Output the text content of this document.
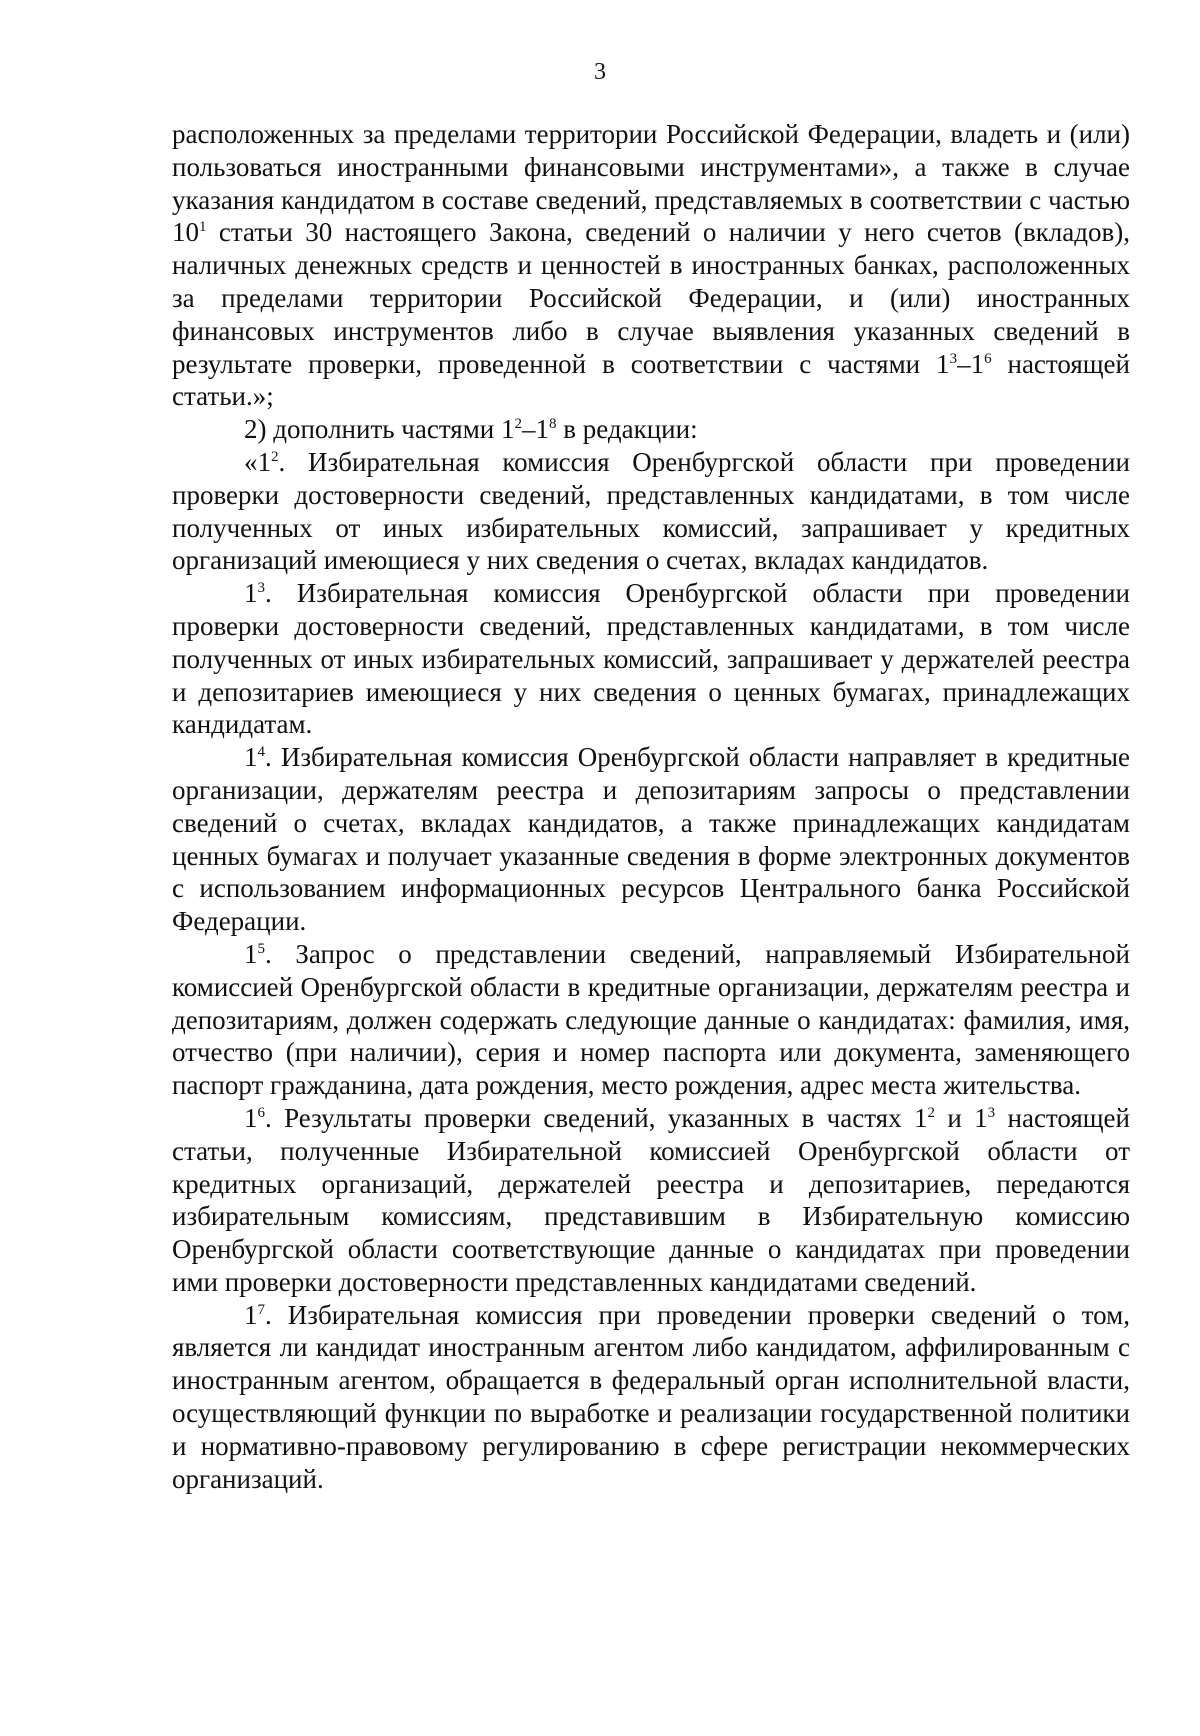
3

расположенных за пределами территории Российской Федерации, владеть и (или) пользоваться иностранными финансовыми инструментами», а также в случае указания кандидатом в составе сведений, представляемых в соответствии с частью $10^1$ статьи 30 настоящего Закона, сведений о наличии у него счетов (вкладов), наличных денежных средств и ценностей в иностранных банках, расположенных за пределами территории Российской Федерации, и (или) иностранных финансовых инструментов либо в случае выявления указанных сведений в результате проверки, проведенной в соответствии с частями $1^3-1^6$ настоящей статьи.»;

2) дополнить частями $1^2-1^8$ в редакции:

«$1^2$. Избирательная комиссия Оренбургской области при проведении проверки достоверности сведений, представленных кандидатами, в том числе полученных от иных избирательных комиссий, запрашивает у кредитных организаций имеющиеся у них сведения о счетах, вкладах кандидатов.

$1^3$. Избирательная комиссия Оренбургской области при проведении проверки достоверности сведений, представленных кандидатами, в том числе полученных от иных избирательных комиссий, запрашивает у держателей реестра и депозитариев имеющиеся у них сведения о ценных бумагах, принадлежащих кандидатам.

$1^4$. Избирательная комиссия Оренбургской области направляет в кредитные организации, держателям реестра и депозитариям запросы о представлении сведений о счетах, вкладах кандидатов, а также принадлежащих кандидатам ценных бумагах и получает указанные сведения в форме электронных документов с использованием информационных ресурсов Центрального банка Российской Федерации.

$1^5$. Запрос о представлении сведений, направляемый Избирательной комиссией Оренбургской области в кредитные организации, держателям реестра и депозитариям, должен содержать следующие данные о кандидатах: фамилия, имя, отчество (при наличии), серия и номер паспорта или документа, заменяющего паспорт гражданина, дата рождения, место рождения, адрес места жительства.

$1^6$. Результаты проверки сведений, указанных в частях $1^2$ и $1^3$ настоящей статьи, полученные Избирательной комиссией Оренбургской области от кредитных организаций, держателей реестра и депозитариев, передаются избирательным комиссиям, представившим в Избирательную комиссию Оренбургской области соответствующие данные о кандидатах при проведении ими проверки достоверности представленных кандидатами сведений.

$1^7$. Избирательная комиссия при проведении проверки сведений о том, является ли кандидат иностранным агентом либо кандидатом, аффилированным с иностранным агентом, обращается в федеральный орган исполнительной власти, осуществляющий функции по выработке и реализации государственной политики и нормативно-правовому регулированию в сфере регистрации некоммерческих организаций.
